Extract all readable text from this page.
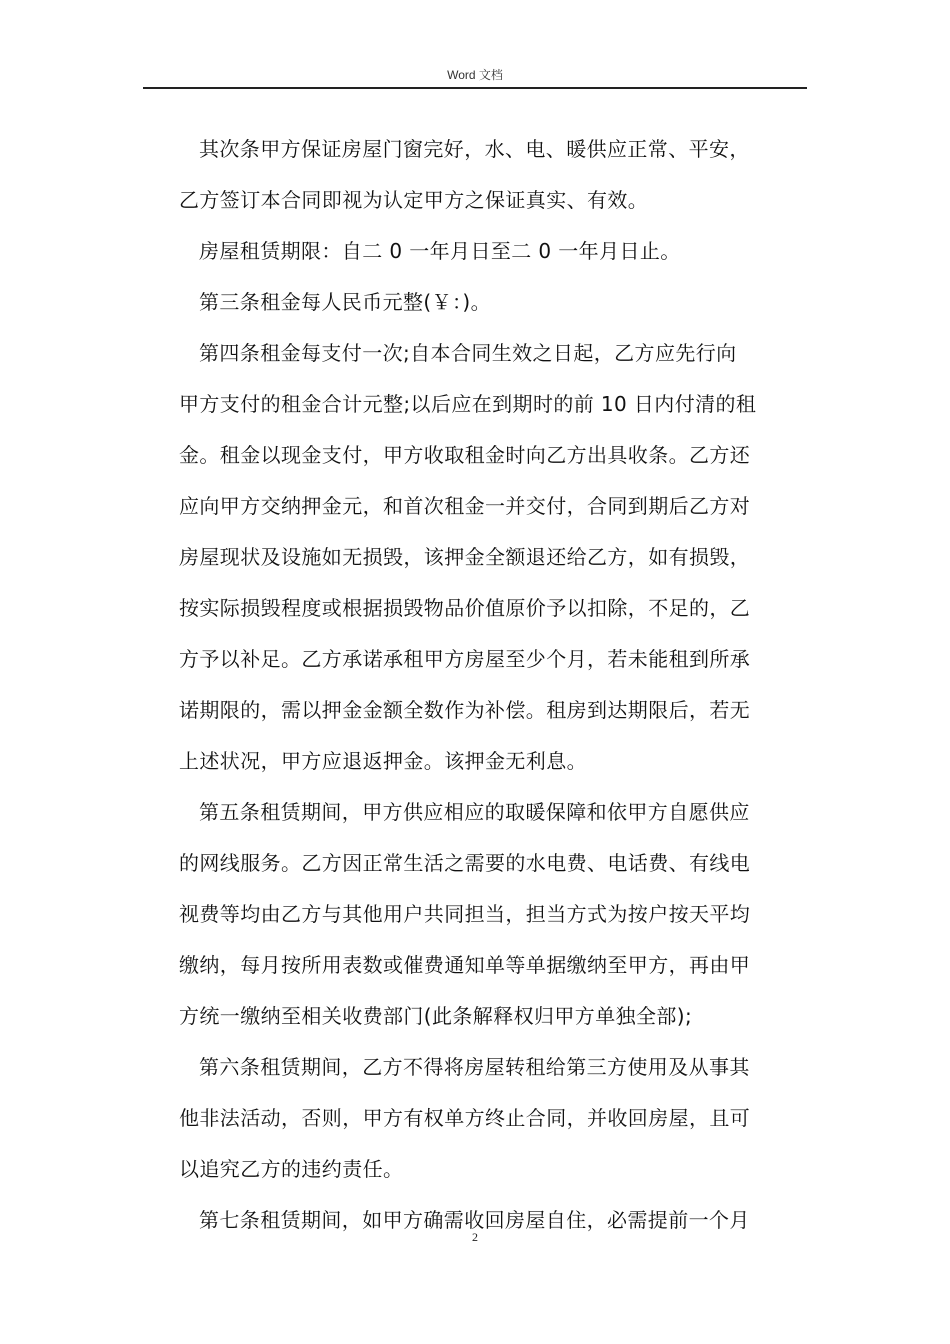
Word 文档
其次条甲方保证房屋门窗完好，水、电、暖供应正常、平安，
乙方签订本合同即视为认定甲方之保证真实、有效。
房屋租赁期限：自二 0 一年月日至二 0 一年月日止。
第三条租金每人民币元整(￥：)。
第四条租金每支付一次;自本合同生效之日起，乙方应先行向
甲方支付的租金合计元整;以后应在到期时的前 10 日内付清的租
金。租金以现金支付，甲方收取租金时向乙方出具收条。乙方还
应向甲方交纳押金元，和首次租金一并交付，合同到期后乙方对
房屋现状及设施如无损毁，该押金全额退还给乙方，如有损毁，
按实际损毁程度或根据损毁物品价值原价予以扣除，不足的，乙
方予以补足。乙方承诺承租甲方房屋至少个月，若未能租到所承
诺期限的，需以押金金额全数作为补偿。租房到达期限后，若无
上述状况，甲方应退返押金。该押金无利息。
第五条租赁期间，甲方供应相应的取暖保障和依甲方自愿供应
的网线服务。乙方因正常生活之需要的水电费、电话费、有线电
视费等均由乙方与其他用户共同担当，担当方式为按户按天平均
缴纳，每月按所用表数或催费通知单等单据缴纳至甲方，再由甲
方统一缴纳至相关收费部门(此条解释权归甲方单独全部);
第六条租赁期间，乙方不得将房屋转租给第三方使用及从事其
他非法活动，否则，甲方有权单方终止合同，并收回房屋，且可
以追究乙方的违约责任。
第七条租赁期间，如甲方确需收回房屋自住，必需提前一个月
2
